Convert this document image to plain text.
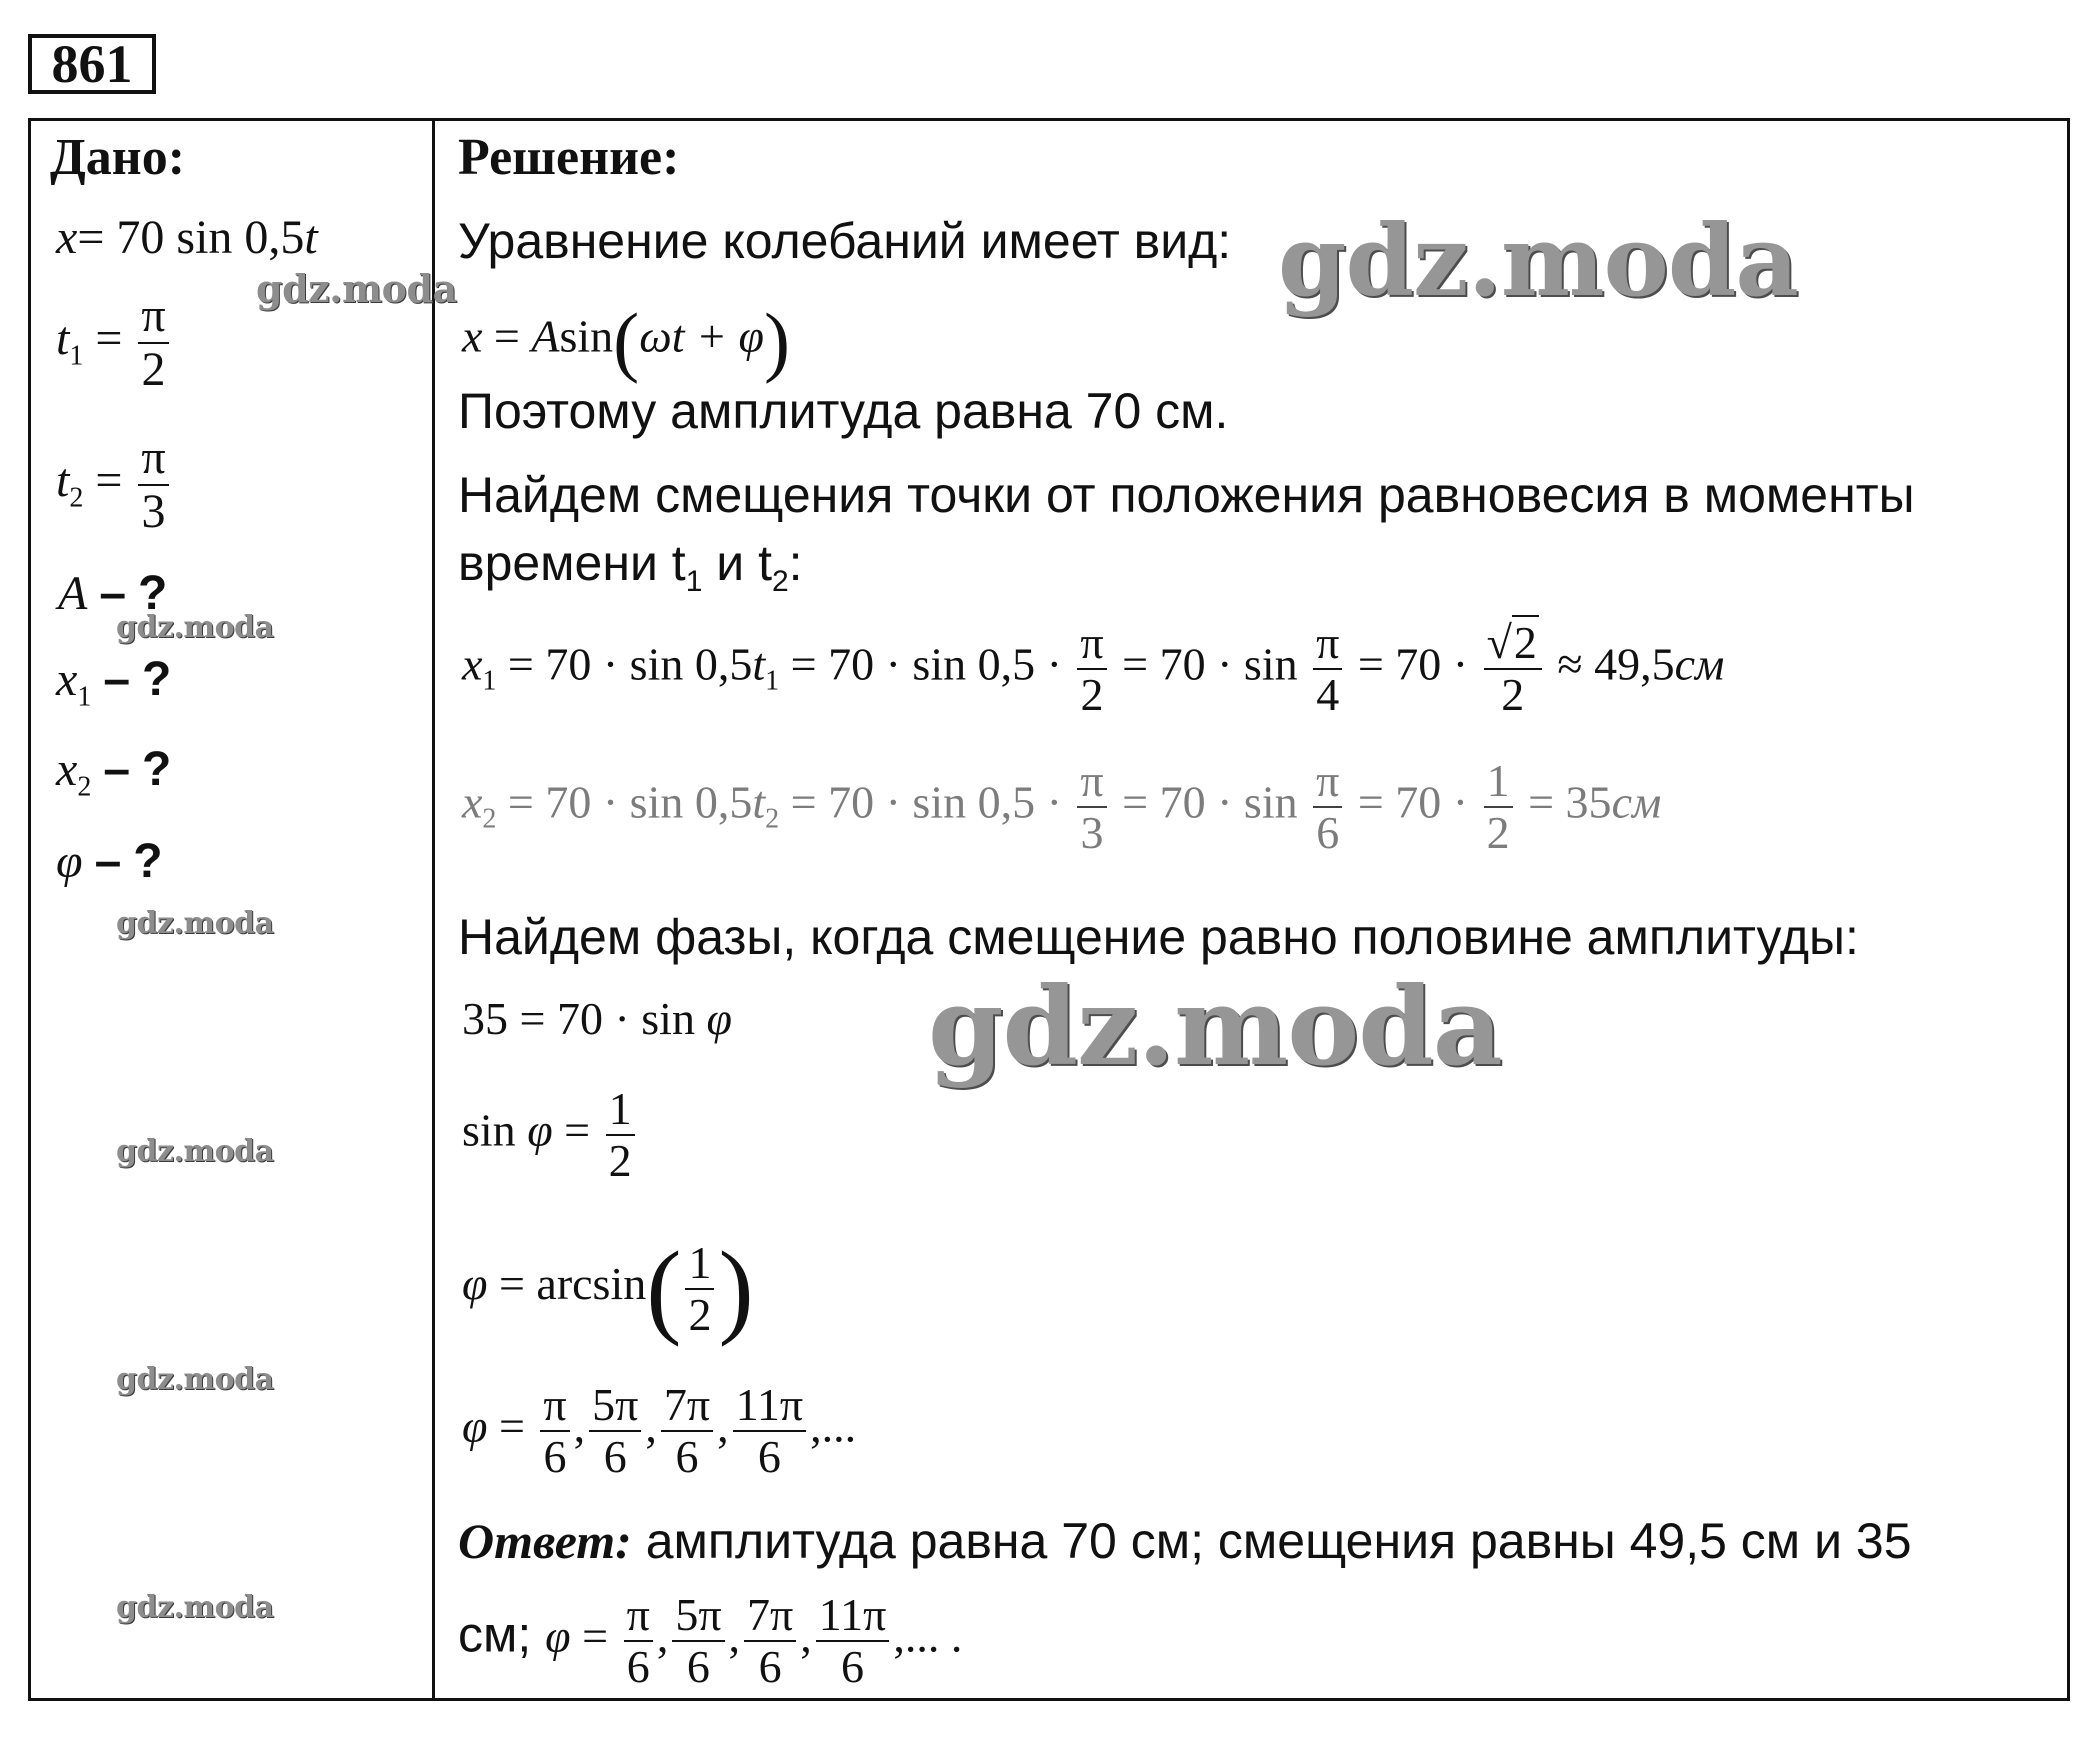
861
Дано:
x= 70 sin 0,5t
$t_1 = \frac{\pi}{2}$
$t_2 = \frac{\pi}{3}$
A – ?
$x_1$ – ?
$x_2$ – ?
φ – ?
Решение:
Уравнение колебаний имеет вид:
x = Asin(ωt + φ)
Поэтому амплитуда равна 70 см.
Найдем смещения точки от положения равновесия в моменты
времени $t_1$ и $t_2$:
$x_1 = 70 \cdot \sin 0,5t_1 = 70 \cdot \sin 0,5 \cdot \frac{\pi}{2} = 70 \cdot \sin \frac{\pi}{4} = 70 \cdot \frac{√2}{2} \approx 49,5см$
$x_2 = 70 \cdot \sin 0,5t_2 = 70 \cdot \sin 0,5 \cdot \frac{\pi}{3} = 70 \cdot \sin \frac{\pi}{6} = 70 \cdot \frac{1}{2} = 35см$
Найдем фазы, когда смещение равно половине амплитуды:
35 = 70 · sin φ
$\sin \varphi = \frac{1}{2}$
$\varphi = \arcsin( \frac{1}{2}$ )
$\varphi = \frac{\pi}{6}$ , $\frac{5\pi}{6}$ , $\frac{7\pi}{6}$ , $\frac{11\pi}{6}$ ,...
Ответ: амплитуда равна 70 см; смещения равны 49,5 см и 35
см; $\varphi = \frac{\pi}{6}$ , $\frac{5\pi}{6}$ , $\frac{7\pi}{6}$ , $\frac{11\pi}{6}$ ,... .
gdz.moda
gdz.moda
gdz.moda
gdz.moda
gdz.moda
gdz.moda
gdz.moda
gdz.moda
